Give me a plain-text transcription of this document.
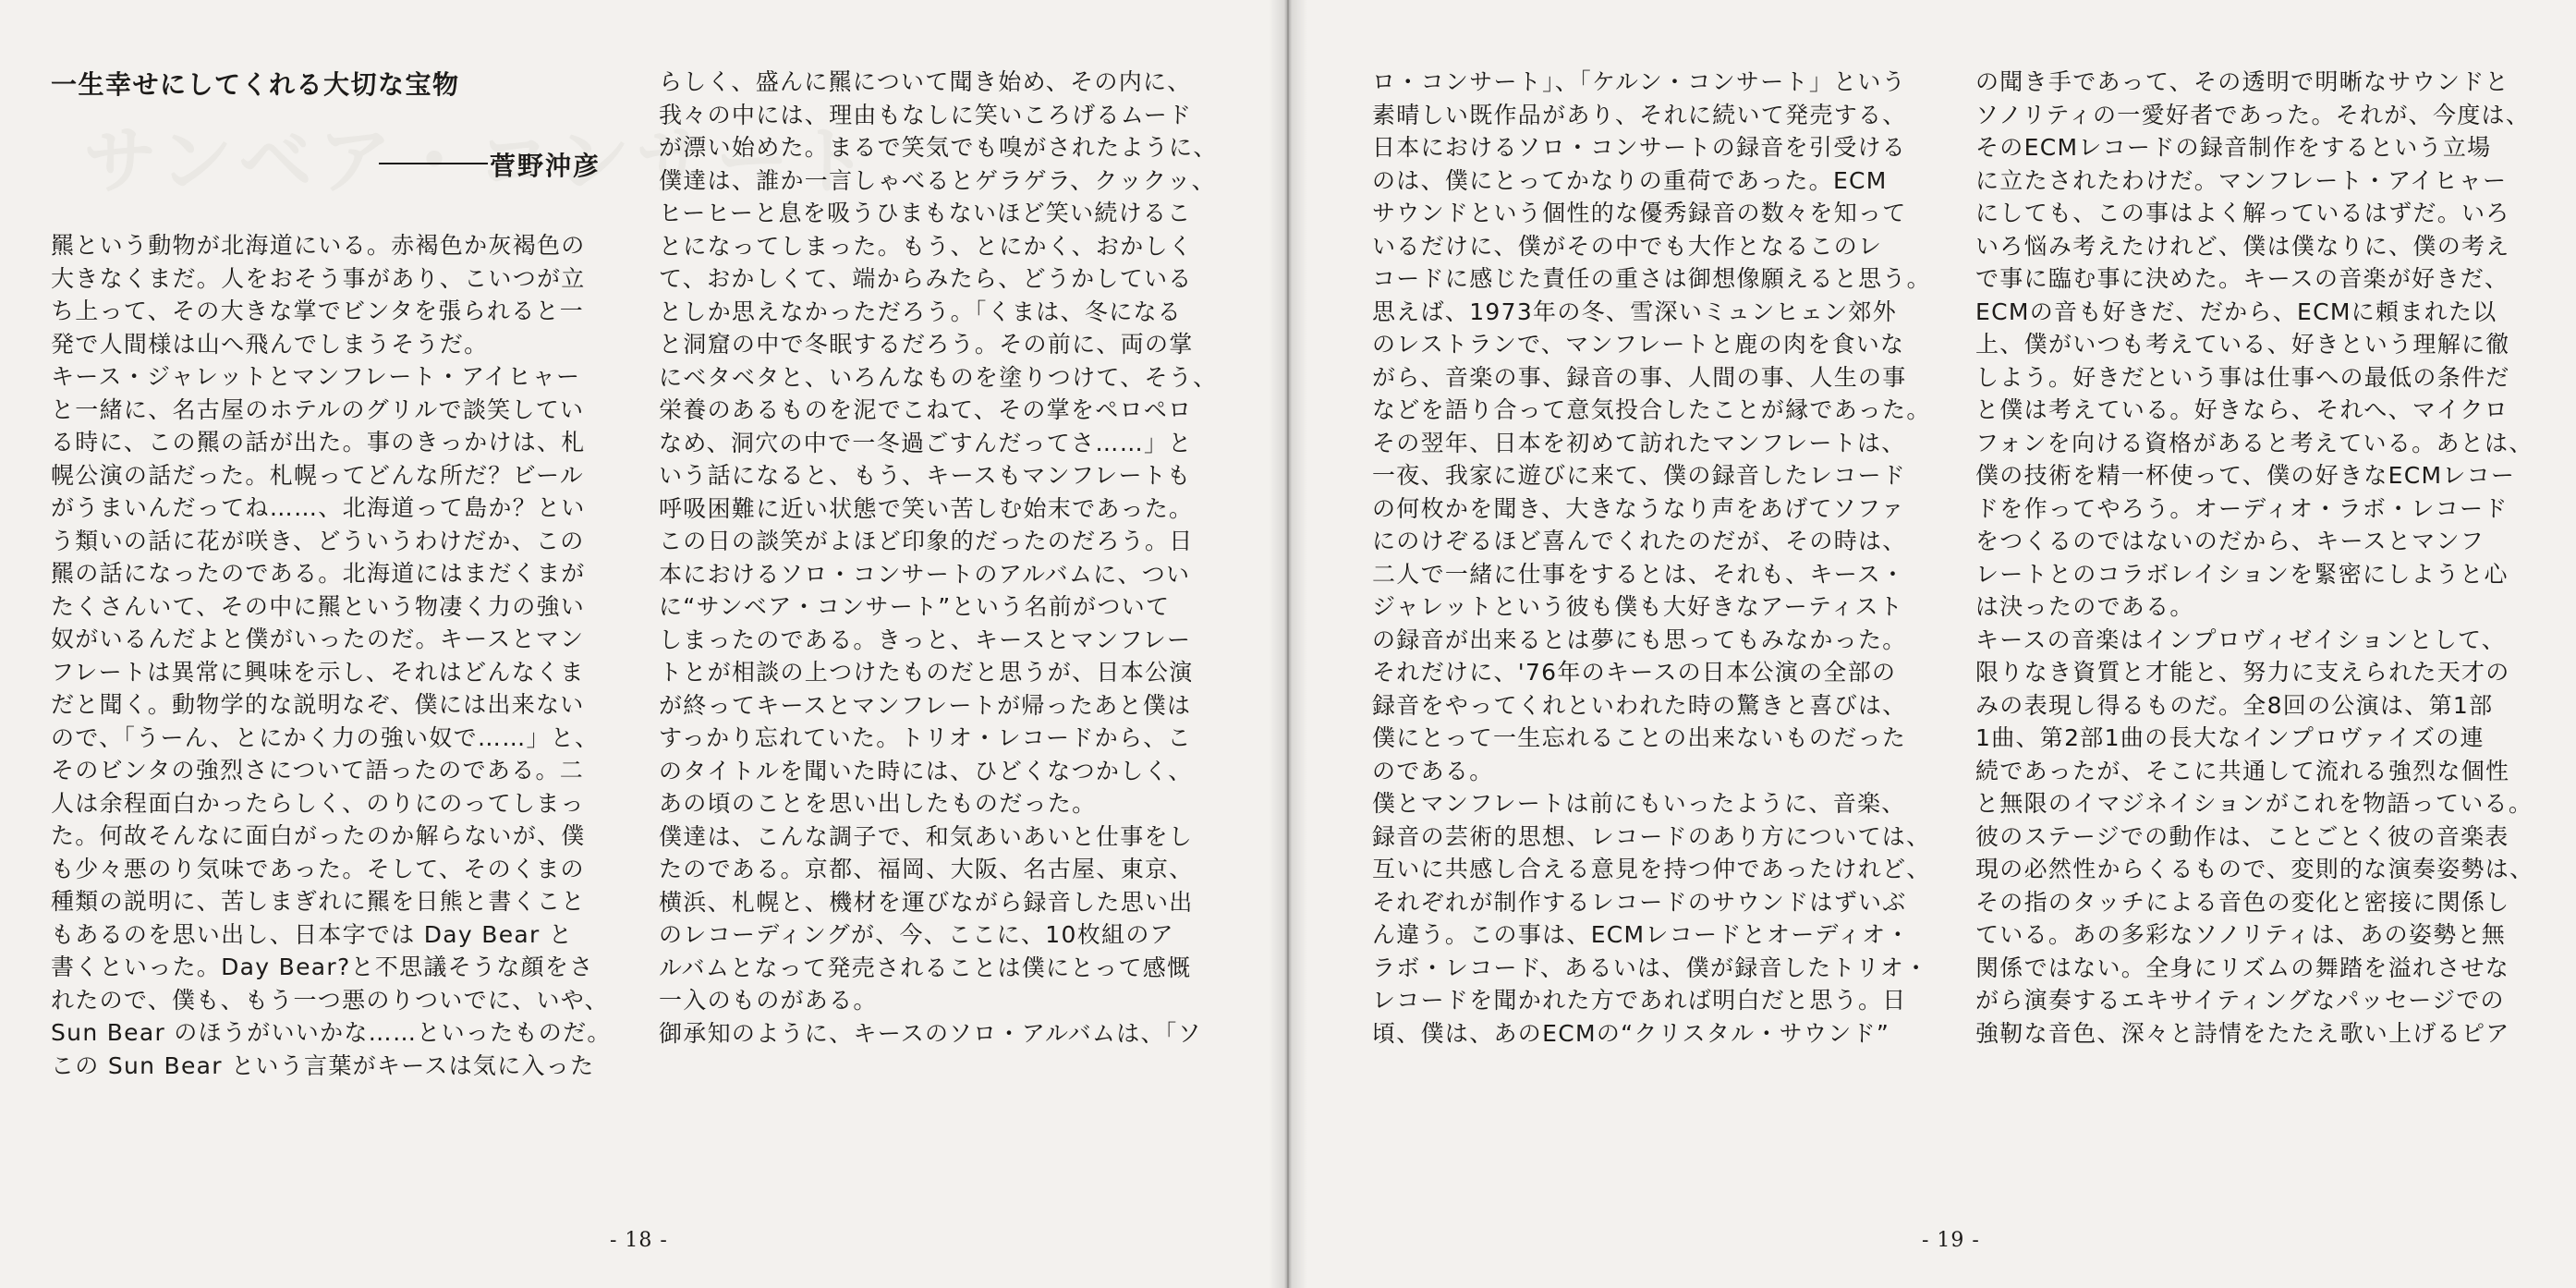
一生幸せにしてくれる大切な宝物
菅野沖彦
羆という動物が北海道にいる。赤褐色か灰褐色の
大きなくまだ。人をおそう事があり、こいつが立
ち上って、その大きな掌でビンタを張られると一
発で人間様は山へ飛んでしまうそうだ。
キース・ジャレットとマンフレート・アイヒャー
と一緒に、名古屋のホテルのグリルで談笑してい
る時に、この羆の話が出た。事のきっかけは、札
幌公演の話だった。札幌ってどんな所だ？ビール
がうまいんだってね……、北海道って島か？とい
う類いの話に花が咲き、どういうわけだか、この
羆の話になったのである。北海道にはまだくまが
たくさんいて、その中に羆という物凄く力の強い
奴がいるんだよと僕がいったのだ。キースとマン
フレートは異常に興味を示し、それはどんなくま
だと聞く。動物学的な説明なぞ、僕には出来ない
ので、「うーん、とにかく力の強い奴で……」と、
そのビンタの強烈さについて語ったのである。二
人は余程面白かったらしく、のりにのってしまっ
た。何故そんなに面白がったのか解らないが、僕
も少々悪のり気味であった。そして、そのくまの
種類の説明に、苦しまぎれに羆を日熊と書くこと
もあるのを思い出し、日本字では Day Bear と
書くといった。Day Bear?と不思議そうな顔をさ
れたので、僕も、もう一つ悪のりついでに、いや、
Sun Bear のほうがいいかな……といったものだ。
この Sun Bear という言葉がキースは気に入った
らしく、盛んに羆について聞き始め、その内に、
我々の中には、理由もなしに笑いころげるムード
が漂い始めた。まるで笑気でも嗅がされたように、
僕達は、誰か一言しゃべるとゲラゲラ、クックッ、
ヒーヒーと息を吸うひまもないほど笑い続けるこ
とになってしまった。もう、とにかく、おかしく
て、おかしくて、端からみたら、どうかしている
としか思えなかっただろう。「くまは、冬になる
と洞窟の中で冬眠するだろう。その前に、両の掌
にベタベタと、いろんなものを塗りつけて、そう、
栄養のあるものを泥でこねて、その掌をペロペロ
なめ、洞穴の中で一冬過ごすんだってさ……」と
いう話になると、もう、キースもマンフレートも
呼吸困難に近い状態で笑い苦しむ始末であった。
この日の談笑がよほど印象的だったのだろう。日
本におけるソロ・コンサートのアルバムに、つい
に“サンベア・コンサート”という名前がついて
しまったのである。きっと、キースとマンフレー
トとが相談の上つけたものだと思うが、日本公演
が終ってキースとマンフレートが帰ったあと僕は
すっかり忘れていた。トリオ・レコードから、こ
のタイトルを聞いた時には、ひどくなつかしく、
あの頃のことを思い出したものだった。
僕達は、こんな調子で、和気あいあいと仕事をし
たのである。京都、福岡、大阪、名古屋、東京、
横浜、札幌と、機材を運びながら録音した思い出
のレコーディングが、今、ここに、10枚組のア
ルバムとなって発売されることは僕にとって感慨
一入のものがある。
御承知のように、キースのソロ・アルバムは、「ソ
- 18 -
ロ・コンサート」、「ケルン・コンサート」という
素晴しい既作品があり、それに続いて発売する、
日本におけるソロ・コンサートの録音を引受ける
のは、僕にとってかなりの重荷であった。ECM
サウンドという個性的な優秀録音の数々を知って
いるだけに、僕がその中でも大作となるこのレ
コードに感じた責任の重さは御想像願えると思う。
思えば、1973年の冬、雪深いミュンヒェン郊外
のレストランで、マンフレートと鹿の肉を食いな
がら、音楽の事、録音の事、人間の事、人生の事
などを語り合って意気投合したことが縁であった。
その翌年、日本を初めて訪れたマンフレートは、
一夜、我家に遊びに来て、僕の録音したレコード
の何枚かを聞き、大きなうなり声をあげてソファ
にのけぞるほど喜んでくれたのだが、その時は、
二人で一緒に仕事をするとは、それも、キース・
ジャレットという彼も僕も大好きなアーティスト
の録音が出来るとは夢にも思ってもみなかった。
それだけに、'76年のキースの日本公演の全部の
録音をやってくれといわれた時の驚きと喜びは、
僕にとって一生忘れることの出来ないものだった
のである。
僕とマンフレートは前にもいったように、音楽、
録音の芸術的思想、レコードのあり方については、
互いに共感し合える意見を持つ仲であったけれど、
それぞれが制作するレコードのサウンドはずいぶ
ん違う。この事は、ECMレコードとオーディオ・
ラボ・レコード、あるいは、僕が録音したトリオ・
レコードを聞かれた方であれば明白だと思う。日
頃、僕は、あのECMの“クリスタル・サウンド”
の聞き手であって、その透明で明晰なサウンドと
ソノリティの一愛好者であった。それが、今度は、
そのECMレコードの録音制作をするという立場
に立たされたわけだ。マンフレート・アイヒャー
にしても、この事はよく解っているはずだ。いろ
いろ悩み考えたけれど、僕は僕なりに、僕の考え
で事に臨む事に決めた。キースの音楽が好きだ、
ECMの音も好きだ、だから、ECMに頼まれた以
上、僕がいつも考えている、好きという理解に徹
しよう。好きだという事は仕事への最低の条件だ
と僕は考えている。好きなら、それへ、マイクロ
フォンを向ける資格があると考えている。あとは、
僕の技術を精一杯使って、僕の好きなECMレコー
ドを作ってやろう。オーディオ・ラボ・レコード
をつくるのではないのだから、キースとマンフ
レートとのコラボレイションを緊密にしようと心
は決ったのである。
キースの音楽はインプロヴィゼイションとして、
限りなき資質と才能と、努力に支えられた天才の
みの表現し得るものだ。全8回の公演は、第1部
1曲、第2部1曲の長大なインプロヴァイズの連
続であったが、そこに共通して流れる強烈な個性
と無限のイマジネイションがこれを物語っている。
彼のステージでの動作は、ことごとく彼の音楽表
現の必然性からくるもので、変則的な演奏姿勢は、
その指のタッチによる音色の変化と密接に関係し
ている。あの多彩なソノリティは、あの姿勢と無
関係ではない。全身にリズムの舞踏を溢れさせな
がら演奏するエキサイティングなパッセージでの
強靭な音色、深々と詩情をたたえ歌い上げるピア
- 19 -
